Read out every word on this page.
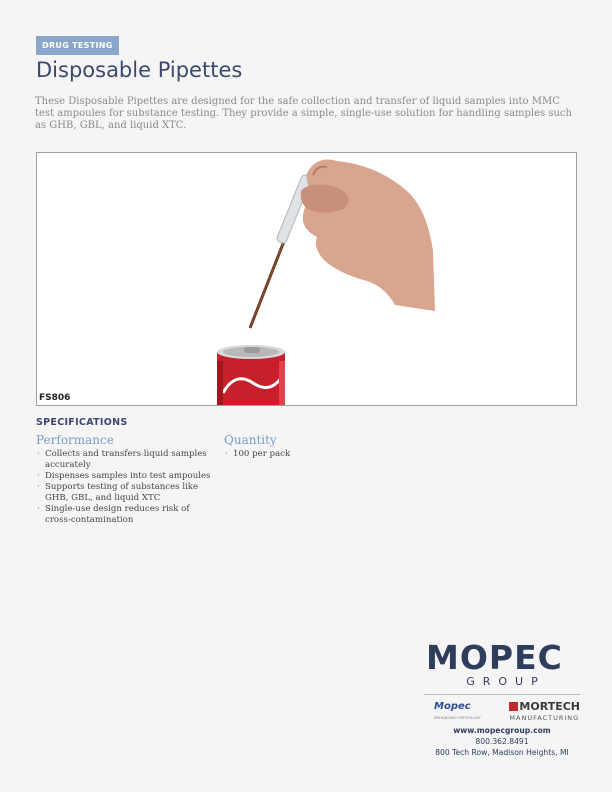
DRUG TESTING
Disposable Pipettes
These Disposable Pipettes are designed for the safe collection and transfer of liquid samples into MMC test ampoules for substance testing. They provide a simple, single-use solution for handling samples such as GHB, GBL, and liquid XTC.
FS806
SPECIFICATIONS
Performance
· Collects and transfers liquid samples accurately
· Dispenses samples into test ampoules
· Supports testing of substances like GHB, GBL, and liquid XTC
· Single-use design reduces risk of cross-contamination
Quantity
· 100 per pack
MOPEC
GROUP
Mopec
ENHANCING PATHOLOGY
MORTECH
MANUFACTURING
www.mopecgroup.com
800.362.8491
800 Tech Row, Madison Heights, MI
